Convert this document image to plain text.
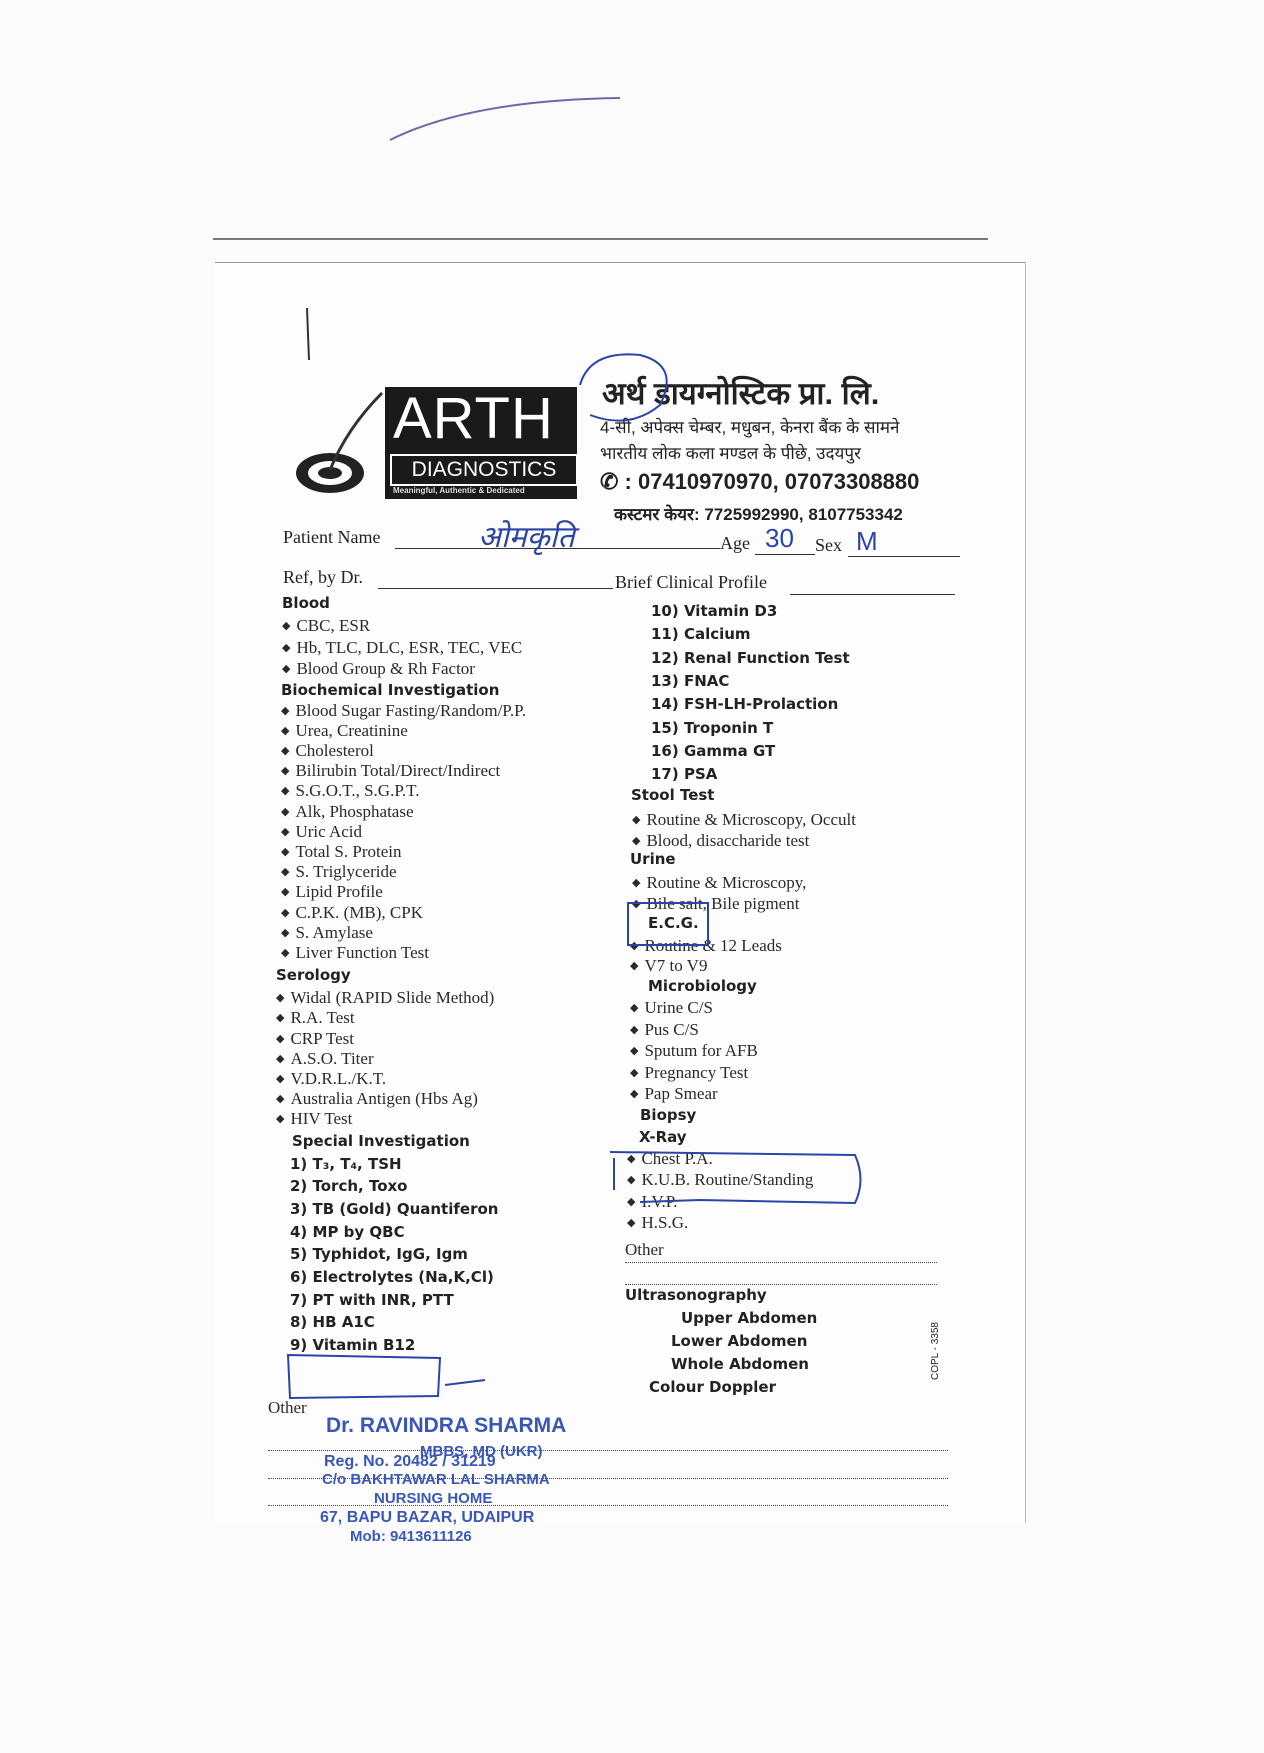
ARTH
DIAGNOSTICS
Meaningful, Authentic & Dedicated
अर्थ डायग्नोस्टिक प्रा. लि.
4-सी, अपेक्स चेम्बर, मधुबन, केनरा बैंक के सामने
भारतीय लोक कला मण्डल के पीछे, उदयपुर
✆ : 07410970970, 07073308880
कस्टमर केयर: 7725992990, 8107753342
Patient Name	ओमकृति	Age 30 Sex M
Ref, by Dr.	Brief Clinical Profile
Blood
◆ CBC, ESR
◆ Hb, TLC, DLC, ESR, TEC, VEC
◆ Blood Group & Rh Factor
Biochemical Investigation
◆ Blood Sugar Fasting/Random/P.P.
◆ Urea, Creatinine
◆ Cholesterol
◆ Bilirubin Total/Direct/Indirect
◆ S.G.O.T., S.G.P.T.
◆ Alk, Phosphatase
◆ Uric Acid
◆ Total S. Protein
◆ S. Triglyceride
◆ Lipid Profile
◆ C.P.K. (MB), CPK
◆ S. Amylase
◆ Liver Function Test
Serology
◆ Widal (RAPID Slide Method)
◆ R.A. Test
◆ CRP Test
◆ A.S.O. Titer
◆ V.D.R.L./K.T.
◆ Australia Antigen (Hbs Ag)
◆ HIV Test
Special Investigation
1) T₃, T₄, TSH
2) Torch, Toxo
3) TB (Gold) Quantiferon
4) MP by QBC
5) Typhidot, IgG, Igm
6) Electrolytes (Na,K,Cl)
7) PT with INR, PTT
8) HB A1C
9) Vitamin B12
Other
10) Vitamin D3
11) Calcium
12) Renal Function Test
13) FNAC
14) FSH-LH-Prolaction
15) Troponin T
16) Gamma GT
17) PSA
Stool Test
◆ Routine & Microscopy, Occult
◆ Blood, disaccharide test
Urine
◆ Routine & Microscopy,
◆ Bile salt, Bile pigment
E.C.G.
◆ Routine & 12 Leads
◆ V7 to V9
Microbiology
◆ Urine C/S
◆ Pus C/S
◆ Sputum for AFB
◆ Pregnancy Test
◆ Pap Smear
Biopsy
X-Ray
◆ Chest P.A.
◆ K.U.B. Routine/Standing
◆ I.V.P.
◆ H.S.G.
Other
Ultrasonography
Upper Abdomen
Lower Abdomen
Whole Abdomen
Colour Doppler
COPL - 3358
Dr. RAVINDRA SHARMA
MBBS, MD (UKR)
Reg. No. 20482 / 31219
C/o BAKHTAWAR LAL SHARMA
NURSING HOME
67, BAPU BAZAR, UDAIPUR
Mob: 9413611126
